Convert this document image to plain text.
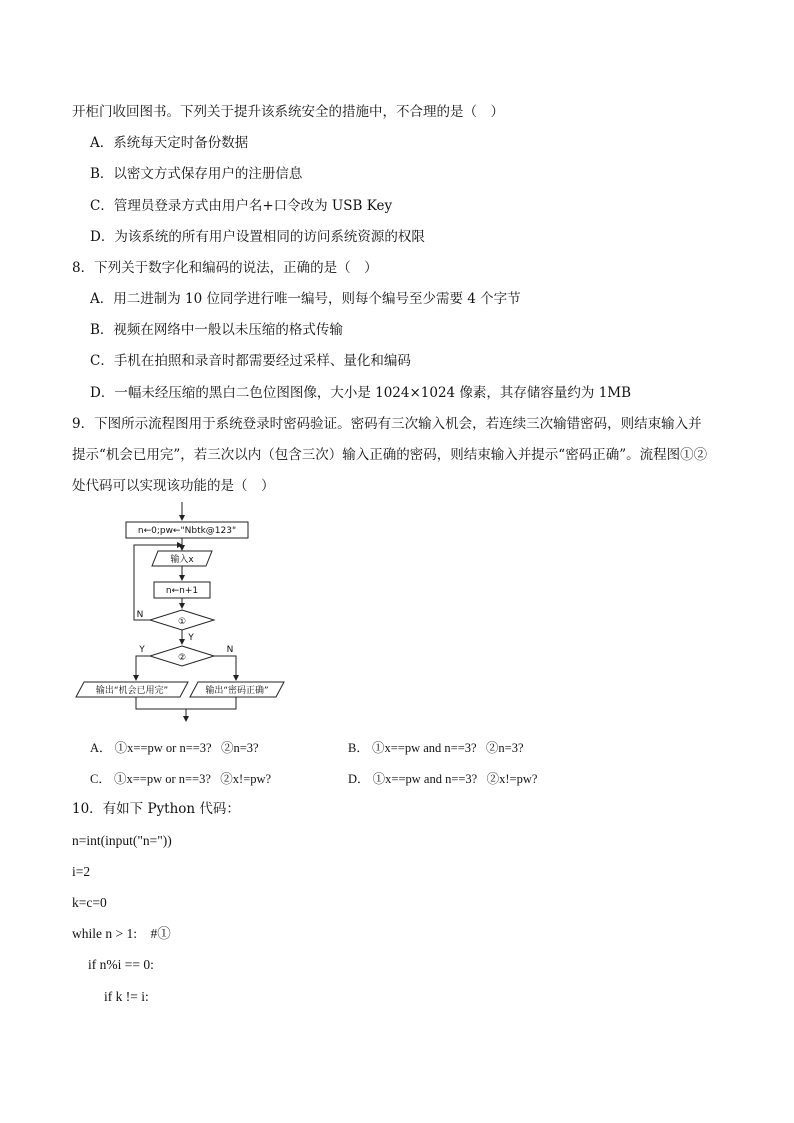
开柜门收回图书。下列关于提升该系统安全的措施中，不合理的是（　）
A．系统每天定时备份数据
B．以密文方式保存用户的注册信息
C．管理员登录方式由用户名+口令改为 USB Key
D．为该系统的所有用户设置相同的访问系统资源的权限
8．下列关于数字化和编码的说法，正确的是（　）
A．用二进制为 10 位同学进行唯一编号，则每个编号至少需要 4 个字节
B．视频在网络中一般以未压缩的格式传输
C．手机在拍照和录音时都需要经过采样、量化和编码
D．一幅未经压缩的黑白二色位图图像，大小是 1024×1024 像素，其存储容量约为 1MB
9．下图所示流程图用于系统登录时密码验证。密码有三次输入机会，若连续三次输错密码，则结束输入并
提示“机会已用完”，若三次以内（包含三次）输入正确的密码，则结束输入并提示“密码正确”。流程图①②
处代码可以实现该功能的是（　）
n←0;pw←"Nbtk@123"
输入x
n←n+1
①
②
N
Y
Y	N
输出“机会已用完”	输出“密码正确”
A． ①x==pw or n==3? ②n=3?	B． ①x==pw and n==3? ②n=3?
C． ①x==pw or n==3? ②x!=pw?	D． ①x==pw and n==3? ②x!=pw?
10．有如下 Python 代码：
n=int(input("n="))
i=2
k=c=0
while n > 1:　#①
if n%i == 0:
if k != i:
